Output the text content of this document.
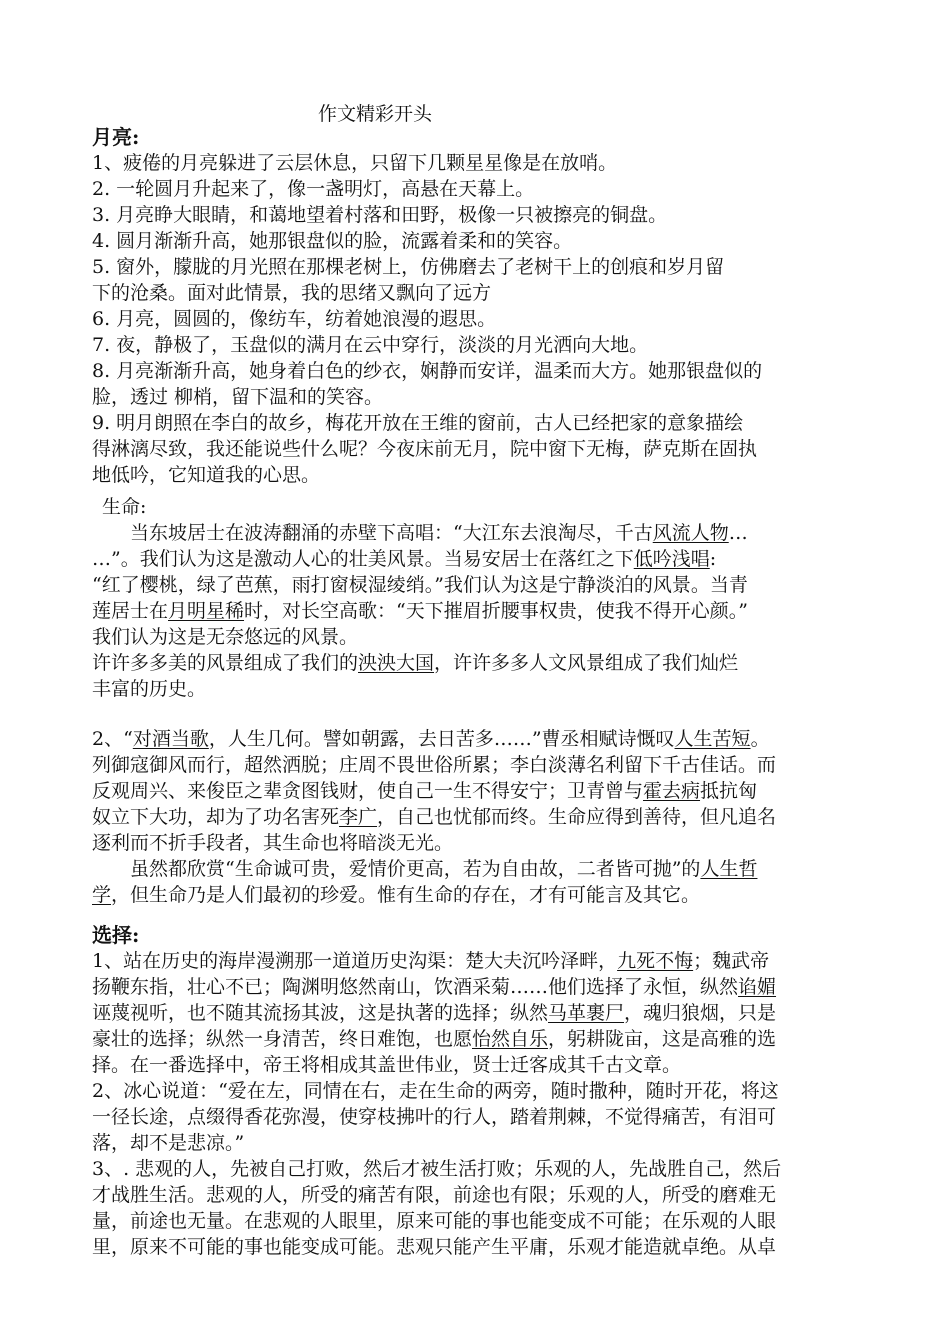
作文精彩开头
月亮:
1、疲倦的月亮躲进了云层休息，只留下几颗星星像是在放哨。
2. 一轮圆月升起来了，像一盏明灯，高悬在天幕上。
3. 月亮睁大眼睛，和蔼地望着村落和田野，极像一只被擦亮的铜盘。
4. 圆月渐渐升高，她那银盘似的脸，流露着柔和的笑容。
5. 窗外，朦胧的月光照在那棵老树上，仿佛磨去了老树干上的创痕和岁月留
下的沧桑。面对此情景，我的思绪又飘向了远方
6. 月亮，圆圆的，像纺车，纺着她浪漫的遐思。
7. 夜，静极了，玉盘似的满月在云中穿行，淡淡的月光洒向大地。
8. 月亮渐渐升高，她身着白色的纱衣，娴静而安详，温柔而大方。她那银盘似的
脸，透过 柳梢，留下温和的笑容。
9. 明月朗照在李白的故乡，梅花开放在王维的窗前，古人已经把家的意象描绘
得淋漓尽致，我还能说些什么呢？今夜床前无月，院中窗下无梅，萨克斯在固执
地低吟，它知道我的心思。
生命:
当东坡居士在波涛翻涌的赤壁下高唱：“大江东去浪淘尽，千古风流人物…
…”。我们认为这是激动人心的壮美风景。当易安居士在落红之下低吟浅唱:
“红了樱桃，绿了芭蕉，雨打窗棂湿绫绡。”我们认为这是宁静淡泊的风景。当青
莲居士在月明星稀时，对长空高歌：“天下摧眉折腰事权贵，使我不得开心颜。”
我们认为这是无奈悠远的风景。
许许多多美的风景组成了我们的泱泱大国，许许多多人文风景组成了我们灿烂
丰富的历史。
2、“对酒当歌，人生几何。譬如朝露，去日苦多……”曹丞相赋诗慨叹人生苦短。
列御寇御风而行，超然洒脱；庄周不畏世俗所累；李白淡薄名利留下千古佳话。而
反观周兴、来俊臣之辈贪图钱财，使自己一生不得安宁；卫青曾与霍去病抵抗匈
奴立下大功，却为了功名害死李广，自己也忧郁而终。生命应得到善待，但凡追名
逐利而不折手段者，其生命也将暗淡无光。
虽然都欣赏“生命诚可贵，爱情价更高，若为自由故，二者皆可抛”的人生哲
学，但生命乃是人们最初的珍爱。惟有生命的存在，才有可能言及其它。
选择:
1、站在历史的海岸漫溯那一道道历史沟渠：楚大夫沉吟泽畔，九死不悔；魏武帝
扬鞭东指，壮心不已；陶渊明悠然南山，饮酒采菊……他们选择了永恒，纵然谄媚
诬蔑视听，也不随其流扬其波，这是执著的选择；纵然马革裹尸，魂归狼烟，只是
豪壮的选择；纵然一身清苦，终日难饱，也愿怡然自乐，躬耕陇亩，这是高雅的选
择。在一番选择中，帝王将相成其盖世伟业，贤士迁客成其千古文章。
2、冰心说道：“爱在左，同情在右，走在生命的两旁，随时撒种，随时开花，将这
一径长途，点缀得香花弥漫，使穿枝拂叶的行人，踏着荆棘，不觉得痛苦，有泪可
落，却不是悲凉。”
3、. 悲观的人，先被自己打败，然后才被生活打败；乐观的人，先战胜自己，然后
才战胜生活。悲观的人，所受的痛苦有限，前途也有限；乐观的人，所受的磨难无
量，前途也无量。在悲观的人眼里，原来可能的事也能变成不可能；在乐观的人眼
里，原来不可能的事也能变成可能。悲观只能产生平庸，乐观才能造就卓绝。从卓
